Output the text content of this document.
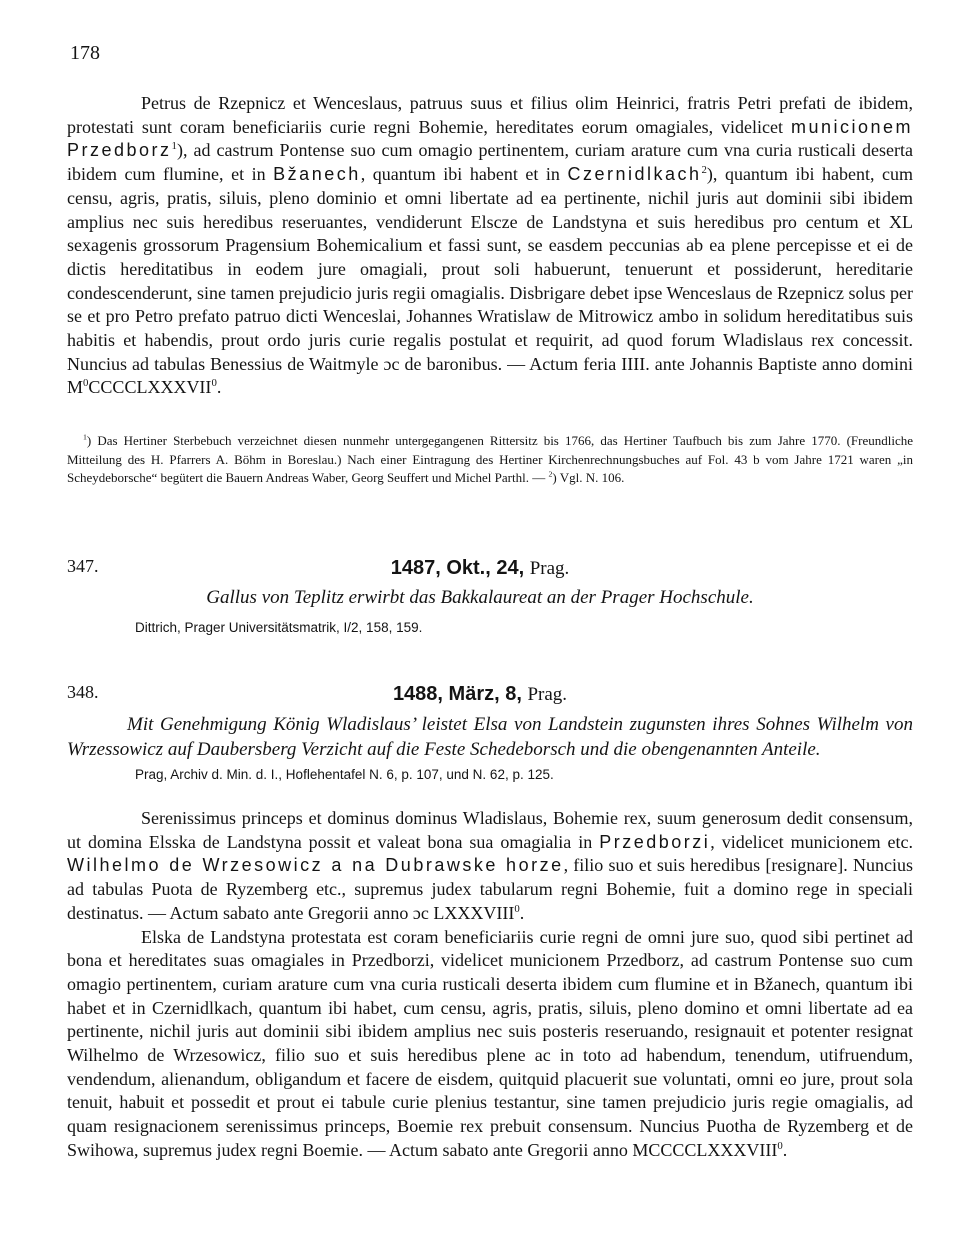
178

Petrus de Rzepnicz et Wenceslaus, patruus suus et filius olim Heinrici, fratris Petri prefati de ibidem, protestati sunt coram beneficiariis curie regni Bohemie, hereditates eorum omagiales, videlicet municionem Przedborz$^1$), ad castrum Pontense suo cum omagio pertinentem, curiam arature cum vna curia rusticali deserta ibidem cum flumine, et in Bžanech, quantum ibi habent et in Czernidlkach$^2$), quantum ibi habent, cum censu, agris, pratis, siluis, pleno dominio et omni libertate ad ea pertinente, nichil juris aut dominii sibi ibidem amplius nec suis heredibus reseruantes, vendiderunt Elscze de Landstyna et suis heredibus pro centum et XL sexagenis grossorum Pragensium Bohemicalium et fassi sunt, se easdem peccunias ab ea plene percepisse et ei de dictis hereditatibus in eodem jure omagiali, prout soli habuerunt, tenuerunt et possiderunt, hereditarie condescenderunt, sine tamen prejudicio juris regii omagialis. Disbrigare debet ipse Wenceslaus de Rzepnicz solus per se et pro Petro prefato patruo dicti Wenceslai, Johannes Wratislaw de Mitrowicz ambo in solidum hereditatibus suis habitis et habendis, prout ordo juris curie regalis postulat et requirit, ad quod forum Wladislaus rex concessit. Nuncius ad tabulas Benessius de Waitmyle ɔc de baronibus. — Actum feria IIII. ante Johannis Baptiste anno domini $M^0CCCCLXXXVII^0$.

$^1$) Das Hertiner Sterbebuch verzeichnet diesen nunmehr untergegangenen Rittersitz bis 1766, das Hertiner Taufbuch bis zum Jahre 1770. (Freundliche Mitteilung des H. Pfarrers A. Böhm in Boreslau.) Nach einer Eintragung des Hertiner Kirchenrechnungsbuches auf Fol. 43 b vom Jahre 1721 waren „in Scheydeborsche“ begütert die Bauern Andreas Waber, Georg Seuffert und Michel Parthl. — $^2$) Vgl. N. 106.

347.	1487, Okt., 24, Prag.
Gallus von Teplitz erwirbt das Bakkalaureat an der Prager Hochschule.
Dittrich, Prager Universitätsmatrik, I/2, 158, 159.
348.	1488, März, 8, Prag.
Mit Genehmigung König Wladislaus’ leistet Elsa von Landstein zugunsten ihres Sohnes Wilhelm von Wrzessowicz auf Daubersberg Verzicht auf die Feste Schedeborsch und die obengenannten Anteile.
Prag, Archiv d. Min. d. I., Hoflehentafel N. 6, p. 107, und N. 62, p. 125.

Serenissimus princeps et dominus dominus Wladislaus, Bohemie rex, suum generosum dedit consensum, ut domina Elsska de Landstyna possit et valeat bona sua omagialia in Przedborzi, videlicet municionem etc. Wilhelmo de Wrzesowicz a na Dubrawske horze, filio suo et suis heredibus [resignare]. Nuncius ad tabulas Puota de Ryzemberg etc., supremus judex tabularum regni Bohemie, fuit a domino rege in speciali destinatus. — Actum sabato ante Gregorii anno ɔc LXXXVIII$^0$.

Elska de Landstyna protestata est coram beneficiariis curie regni de omni jure suo, quod sibi pertinet ad bona et hereditates suas omagiales in Przedborzi, videlicet municionem Przedborz, ad castrum Pontense suo cum omagio pertinentem, curiam arature cum vna curia rusticali deserta ibidem cum flumine et in Bžanech, quantum ibi habet et in Czernidlkach, quantum ibi habet, cum censu, agris, pratis, siluis, pleno domino et omni libertate ad ea pertinente, nichil juris aut dominii sibi ibidem amplius nec suis posteris reseruando, resignauit et potenter resignat Wilhelmo de Wrzesowicz, filio suo et suis heredibus plene ac in toto ad habendum, tenendum, utifruendum, vendendum, alienandum, obligandum et facere de eisdem, quitquid placuerit sue voluntati, omni eo jure, prout sola tenuit, habuit et possedit et prout ei tabule curie plenius testantur, sine tamen prejudicio juris regie omagialis, ad quam resignacionem serenissimus princeps, Boemie rex prebuit consensum. Nuncius Puotha de Ryzemberg et de Swihowa, supremus judex regni Boemie. — Actum sabato ante Gregorii anno MCCCCLXXXVIII$^0$.
